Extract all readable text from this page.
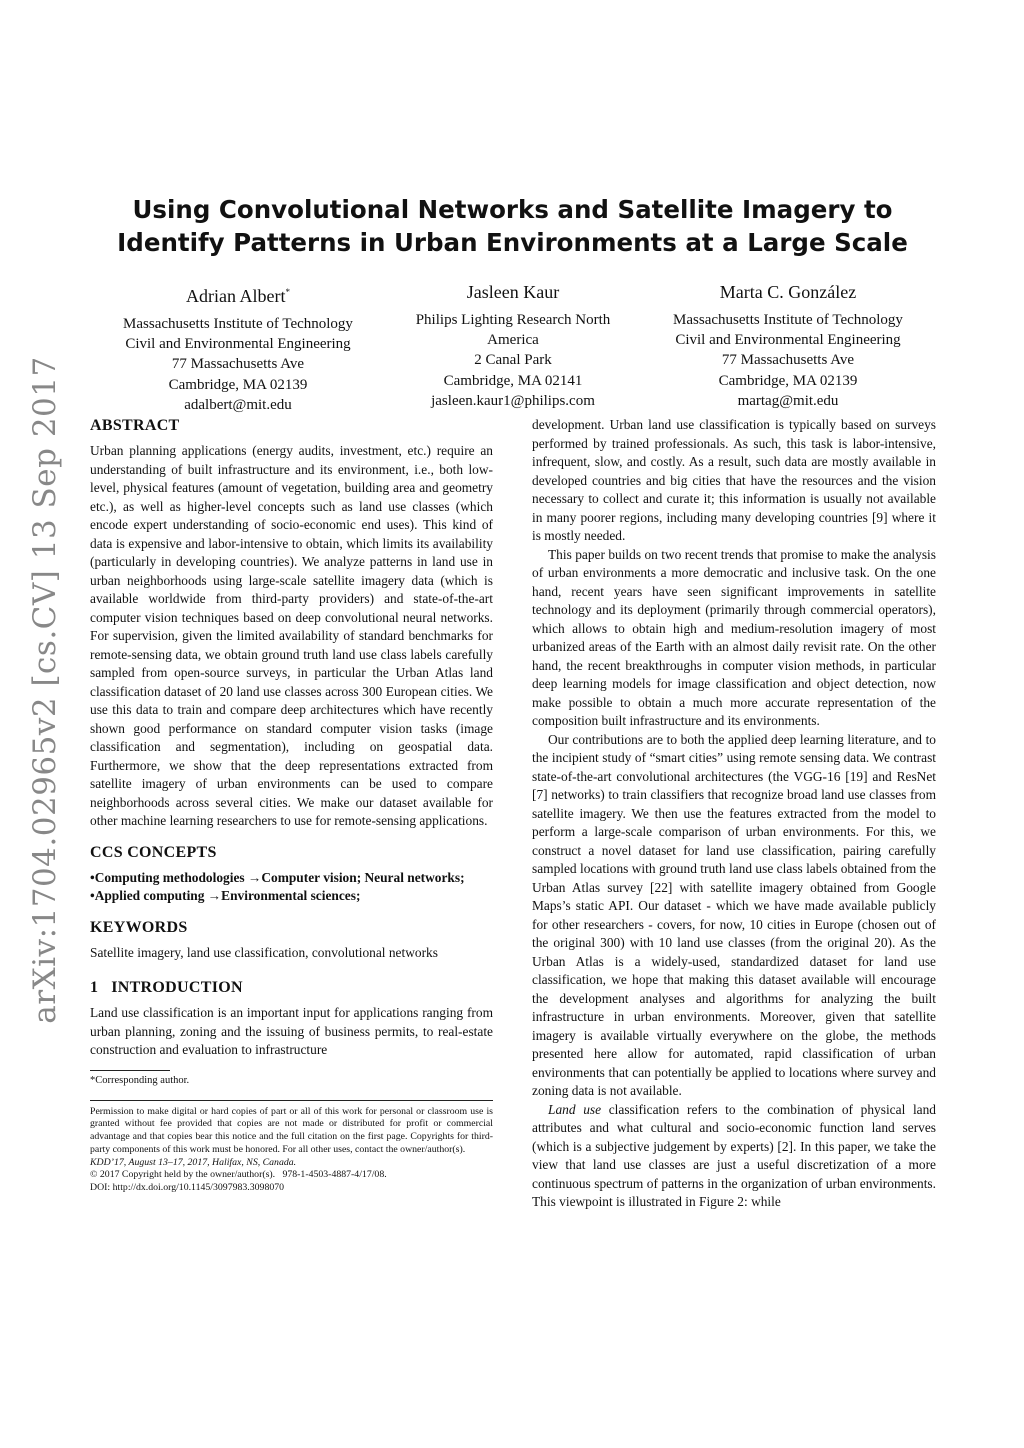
arXiv:1704.02965v2 [cs.CV] 13 Sep 2017
Using Convolutional Networks and Satellite Imagery to Identify Patterns in Urban Environments at a Large Scale
Adrian Albert*
Massachusetts Institute of Technology
Civil and Environmental Engineering
77 Massachusetts Ave
Cambridge, MA 02139
adalbert@mit.edu
Jasleen Kaur
Philips Lighting Research North
America
2 Canal Park
Cambridge, MA 02141
jasleen.kaur1@philips.com
Marta C. González
Massachusetts Institute of Technology
Civil and Environmental Engineering
77 Massachusetts Ave
Cambridge, MA 02139
martag@mit.edu
ABSTRACT

Urban planning applications (energy audits, investment, etc.) require an understanding of built infrastructure and its environment, i.e., both low-level, physical features (amount of vegetation, building area and geometry etc.), as well as higher-level concepts such as land use classes (which encode expert understanding of socio-economic end uses). This kind of data is expensive and labor-intensive to obtain, which limits its availability (particularly in developing countries). We analyze patterns in land use in urban neighborhoods using large-scale satellite imagery data (which is available worldwide from third-party providers) and state-of-the-art computer vision techniques based on deep convolutional neural networks. For supervision, given the limited availability of standard benchmarks for remote-sensing data, we obtain ground truth land use class labels carefully sampled from open-source surveys, in particular the Urban Atlas land classification dataset of 20 land use classes across 300 European cities. We use this data to train and compare deep architectures which have recently shown good performance on standard computer vision tasks (image classification and segmentation), including on geospatial data. Furthermore, we show that the deep representations extracted from satellite imagery of urban environments can be used to compare neighborhoods across several cities. We make our dataset available for other machine learning researchers to use for remote-sensing applications.

CCS CONCEPTS

•Computing methodologies →Computer vision; Neural networks; •Applied computing →Environmental sciences;

KEYWORDS

Satellite imagery, land use classification, convolutional networks

1   INTRODUCTION

Land use classification is an important input for applications ranging from urban planning, zoning and the issuing of business permits, to real-estate construction and evaluation to infrastructure

*Corresponding author.

Permission to make digital or hard copies of part or all of this work for personal or classroom use is granted without fee provided that copies are not made or distributed for profit or commercial advantage and that copies bear this notice and the full citation on the first page. Copyrights for third-party components of this work must be honored. For all other uses, contact the owner/author(s).

KDD’17, August 13–17, 2017, Halifax, NS, Canada.

© 2017 Copyright held by the owner/author(s).   978-1-4503-4887-4/17/08.

DOI: http://dx.doi.org/10.1145/3097983.3098070

development. Urban land use classification is typically based on surveys performed by trained professionals. As such, this task is labor-intensive, infrequent, slow, and costly. As a result, such data are mostly available in developed countries and big cities that have the resources and the vision necessary to collect and curate it; this information is usually not available in many poorer regions, including many developing countries [9] where it is mostly needed.

This paper builds on two recent trends that promise to make the analysis of urban environments a more democratic and inclusive task. On the one hand, recent years have seen significant improvements in satellite technology and its deployment (primarily through commercial operators), which allows to obtain high and medium-resolution imagery of most urbanized areas of the Earth with an almost daily revisit rate. On the other hand, the recent breakthroughs in computer vision methods, in particular deep learning models for image classification and object detection, now make possible to obtain a much more accurate representation of the composition built infrastructure and its environments.

Our contributions are to both the applied deep learning literature, and to the incipient study of “smart cities” using remote sensing data. We contrast state-of-the-art convolutional architectures (the VGG-16 [19] and ResNet [7] networks) to train classifiers that recognize broad land use classes from satellite imagery. We then use the features extracted from the model to perform a large-scale comparison of urban environments. For this, we construct a novel dataset for land use classification, pairing carefully sampled locations with ground truth land use class labels obtained from the Urban Atlas survey [22] with satellite imagery obtained from Google Maps’s static API. Our dataset - which we have made available publicly for other researchers - covers, for now, 10 cities in Europe (chosen out of the original 300) with 10 land use classes (from the original 20). As the Urban Atlas is a widely-used, standardized dataset for land use classification, we hope that making this dataset available will encourage the development analyses and algorithms for analyzing the built infrastructure in urban environments. Moreover, given that satellite imagery is available virtually everywhere on the globe, the methods presented here allow for automated, rapid classification of urban environments that can potentially be applied to locations where survey and zoning data is not available.

Land use classification refers to the combination of physical land attributes and what cultural and socio-economic function land serves (which is a subjective judgement by experts) [2]. In this paper, we take the view that land use classes are just a useful discretization of a more continuous spectrum of patterns in the organization of urban environments. This viewpoint is illustrated in Figure 2: while
